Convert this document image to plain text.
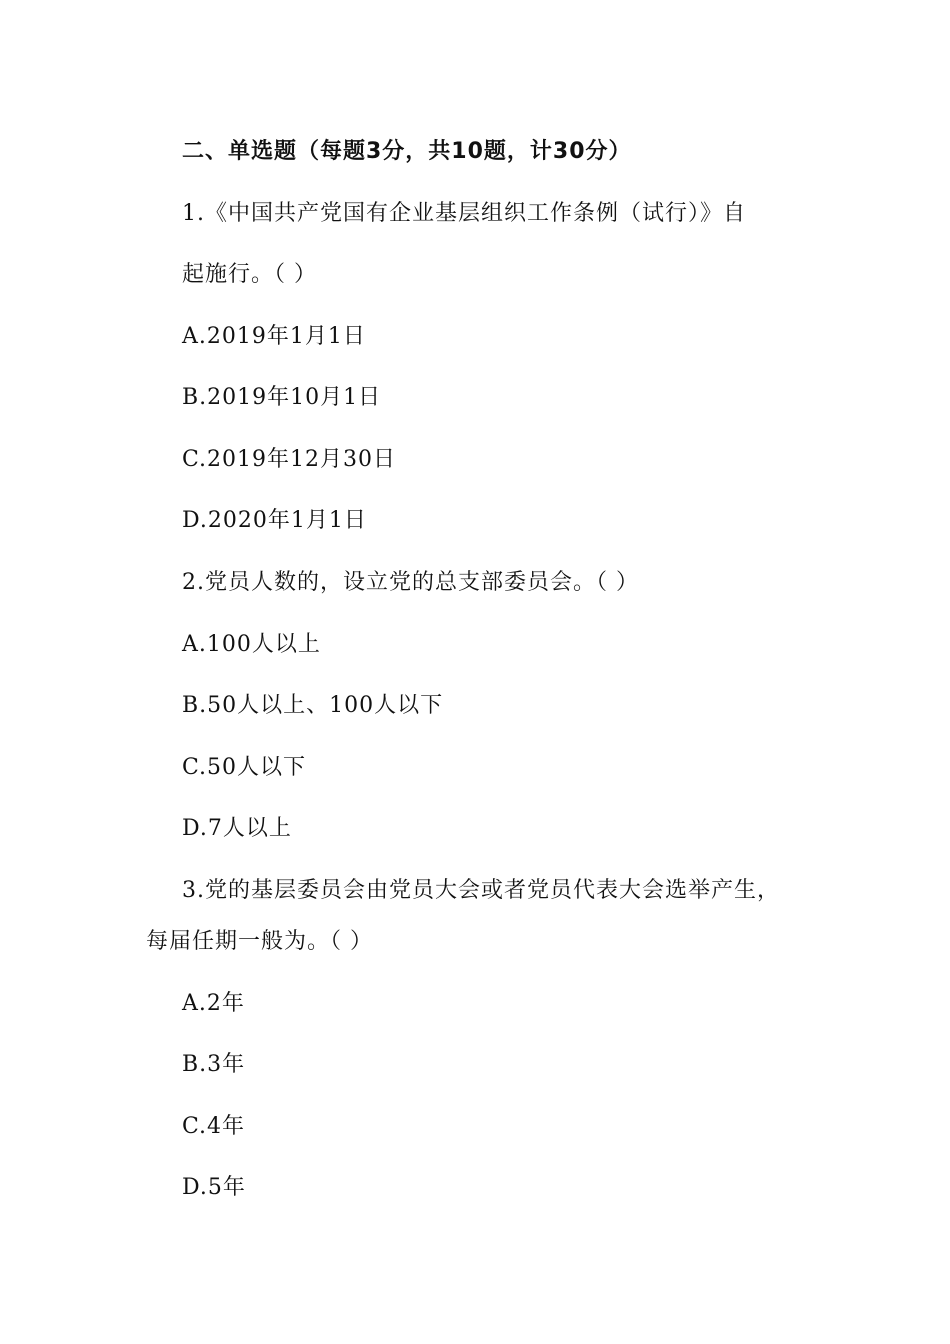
二、单选题（每题3分，共10题，计30分）
1.《中国共产党国有企业基层组织工作条例（试行）》自
起施行。（ ）
A.2019年1月1日
B.2019年10月1日
C.2019年12月30日
D.2020年1月1日
2.党员人数的，设立党的总支部委员会。（ ）
A.100人以上
B.50人以上、100人以下
C.50人以下
D.7人以上
3.党的基层委员会由党员大会或者党员代表大会选举产生，
每届任期一般为。（ ）
A.2年
B.3年
C.4年
D.5年
